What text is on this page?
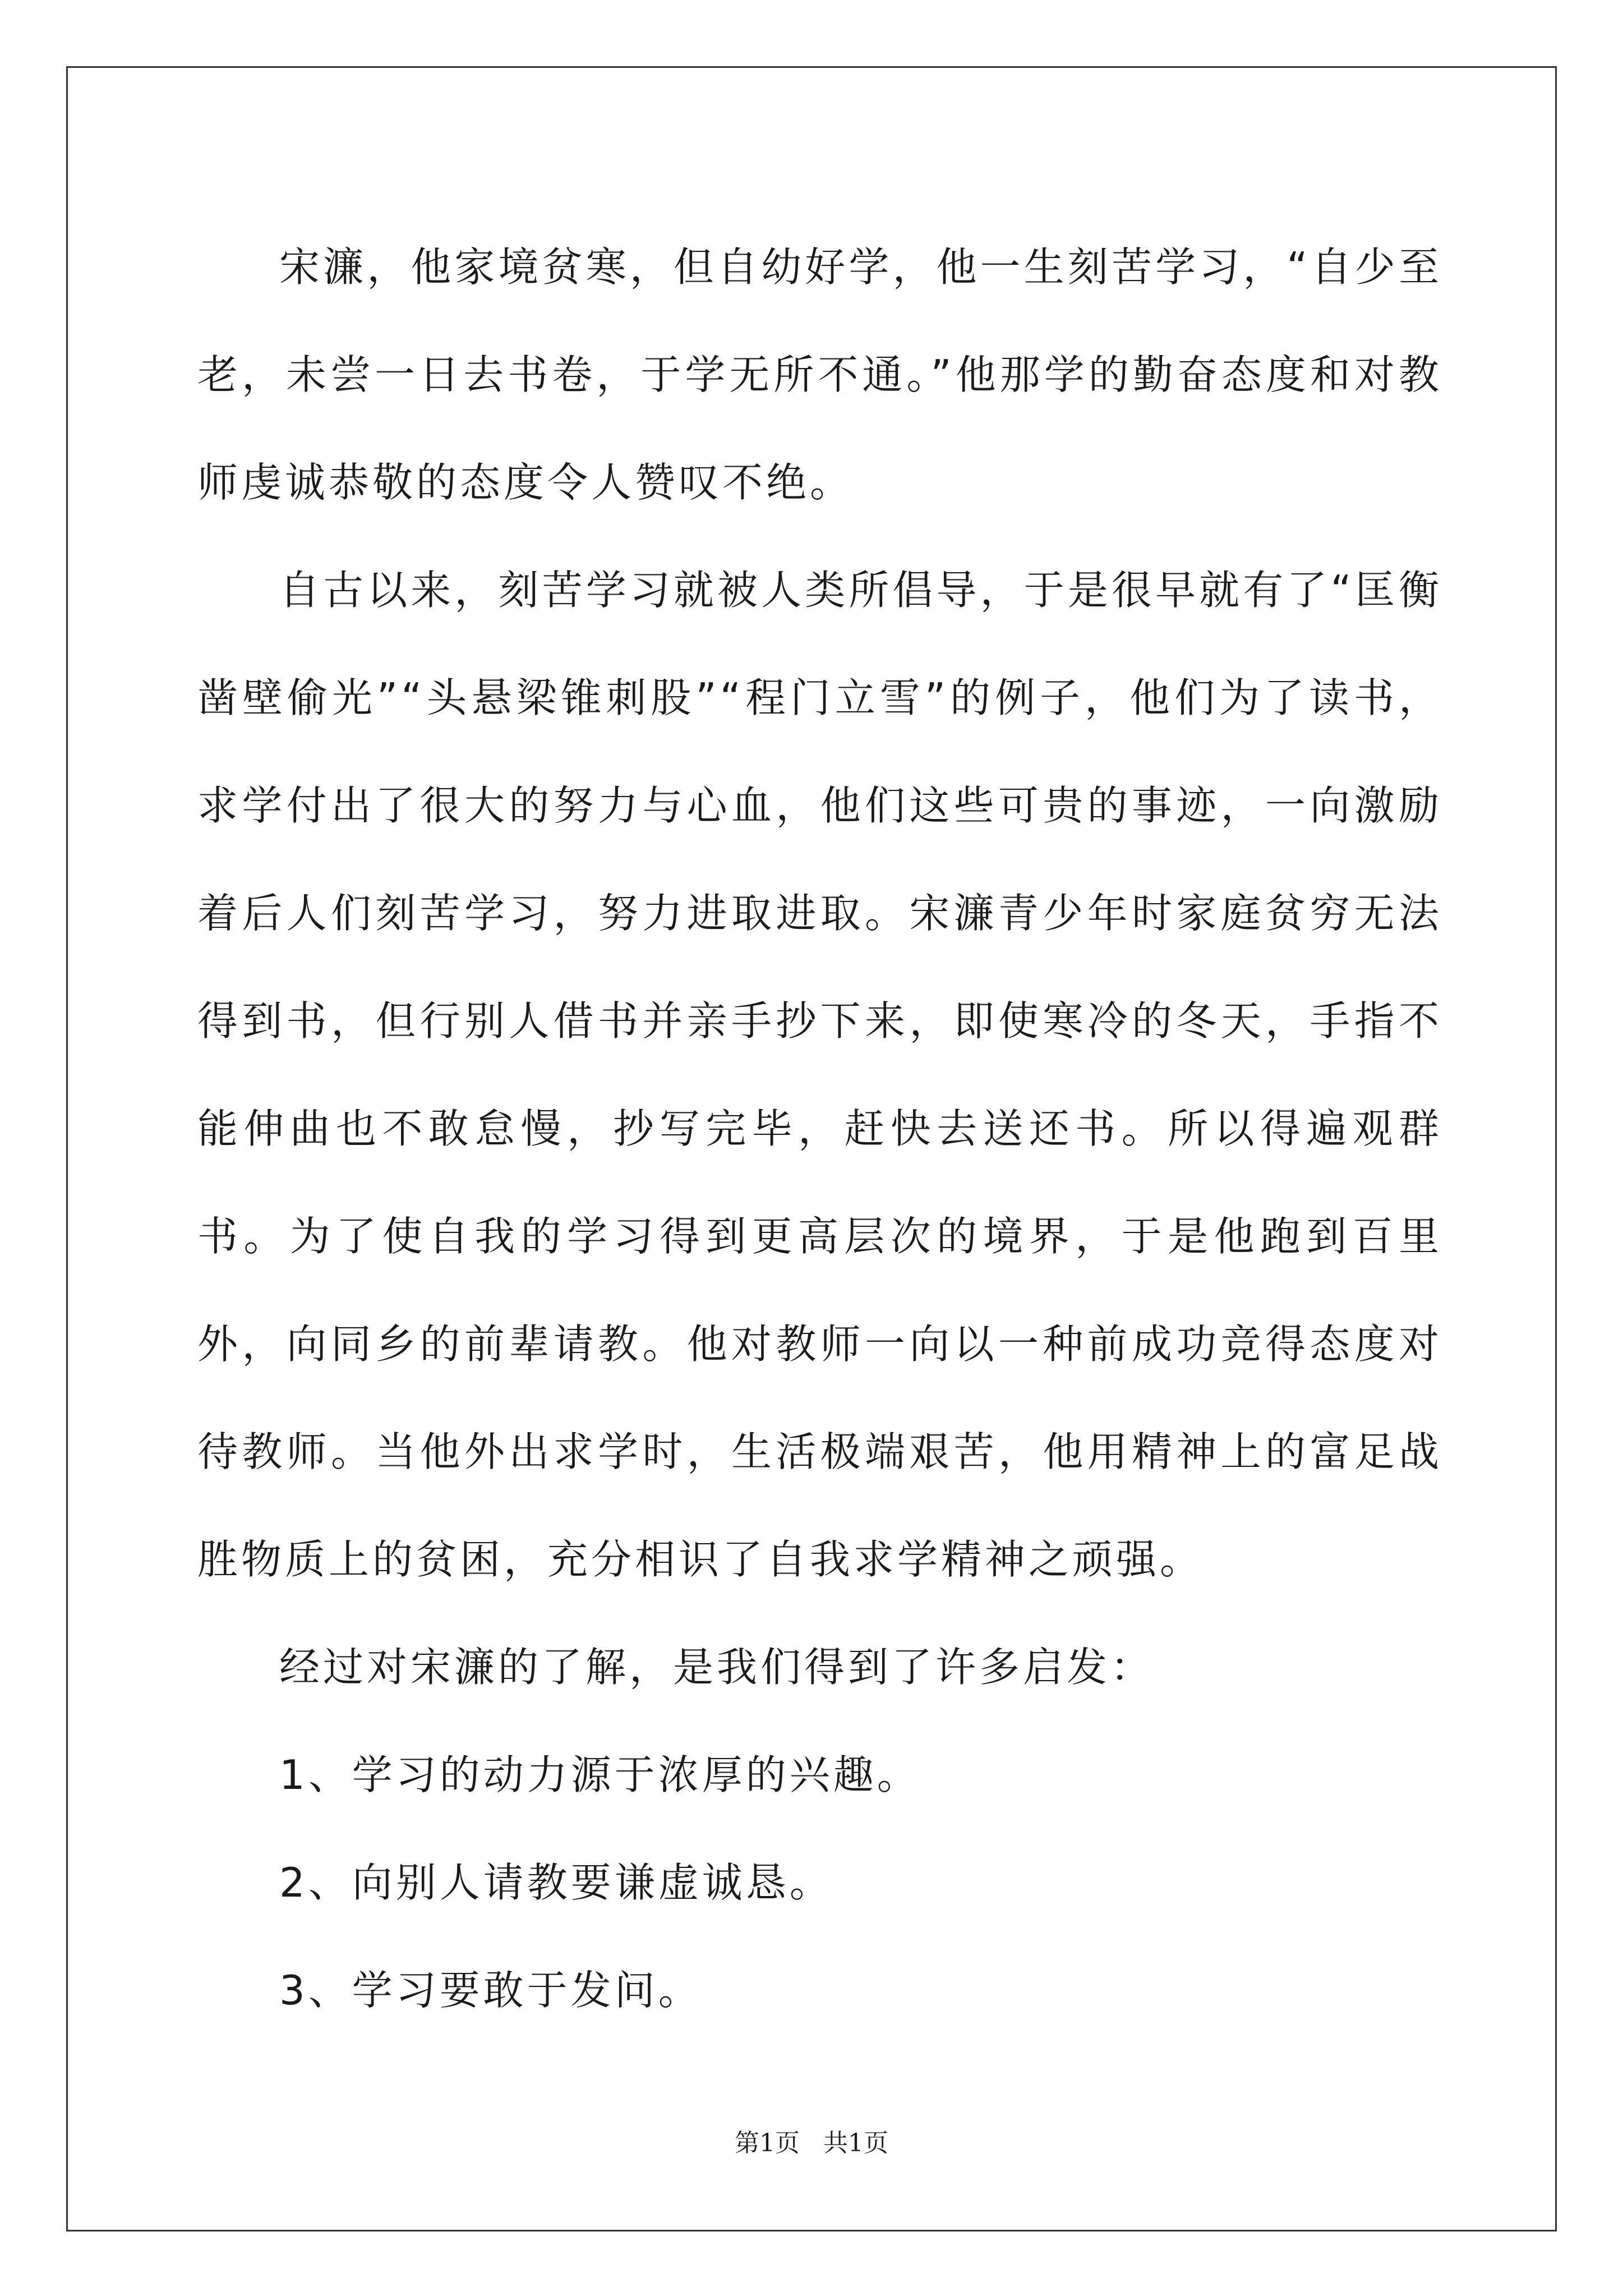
宋濂，他家境贫寒，但自幼好学，他一生刻苦学习，“自少至老，未尝一日去书卷，于学无所不通。”他那学的勤奋态度和对教师虔诚恭敬的态度令人赞叹不绝。

自古以来，刻苦学习就被人类所倡导，于是很早就有了“匡衡凿壁偷光”“头悬梁锥刺股”“程门立雪”的例子，他们为了读书，求学付出了很大的努力与心血，他们这些可贵的事迹，一向激励着后人们刻苦学习，努力进取进取。宋濂青少年时家庭贫穷无法得到书，但行别人借书并亲手抄下来，即使寒冷的冬天，手指不能伸曲也不敢怠慢，抄写完毕，赶快去送还书。所以得遍观群书。为了使自我的学习得到更高层次的境界，于是他跑到百里外，向同乡的前辈请教。他对教师一向以一种前成功竞得态度对待教师。当他外出求学时，生活极端艰苦，他用精神上的富足战胜物质上的贫困，充分相识了自我求学精神之顽强。

经过对宋濂的了解，是我们得到了许多启发：

1、学习的动力源于浓厚的兴趣。

2、向别人请教要谦虚诚恳。

3、学习要敢于发问。

第1页   共1页
